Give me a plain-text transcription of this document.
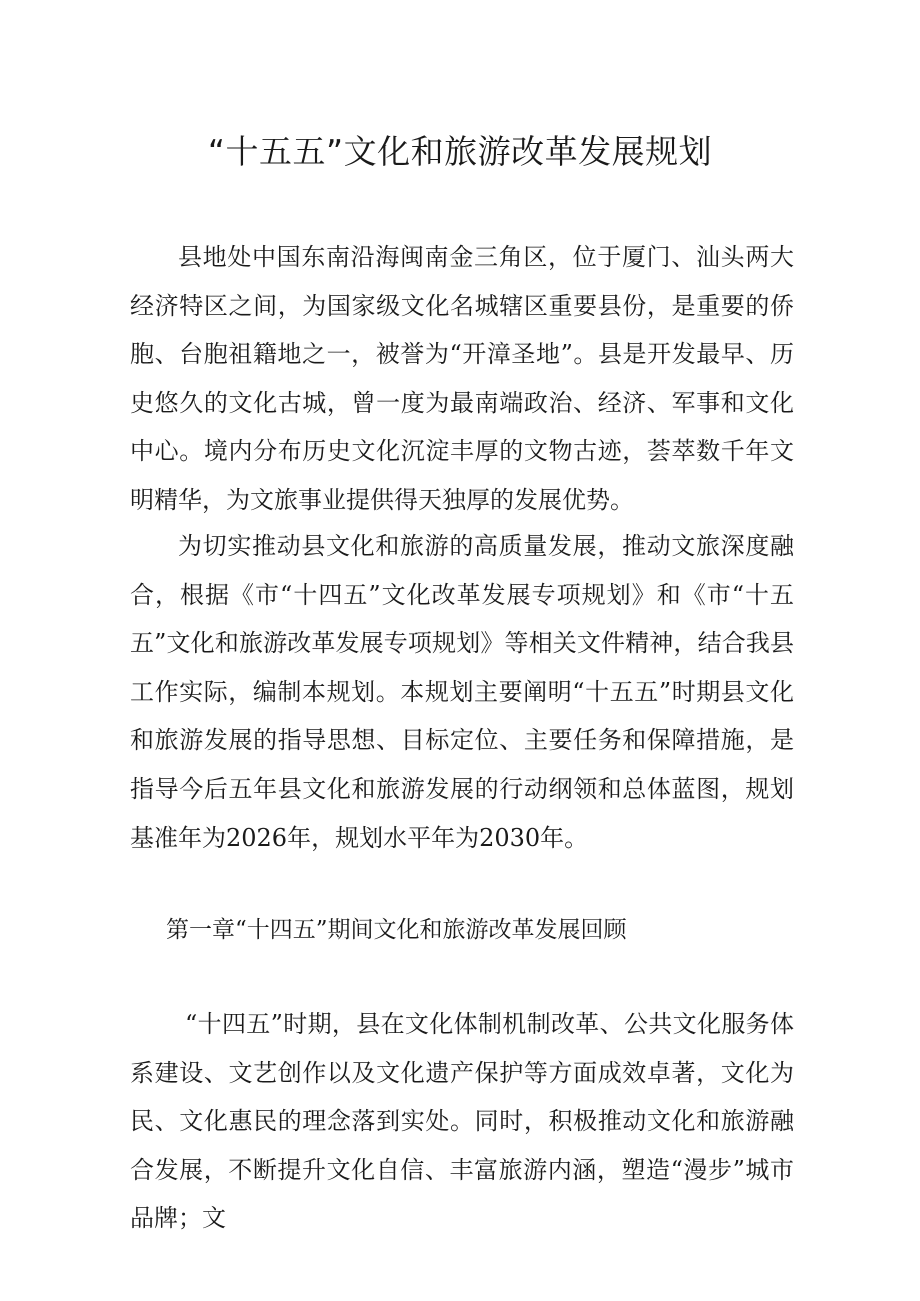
“十五五”文化和旅游改革发展规划

县地处中国东南沿海闽南金三角区，位于厦门、汕头两大经济特区之间，为国家级文化名城辖区重要县份，是重要的侨胞、台胞祖籍地之一，被誉为“开漳圣地”。县是开发最早、历史悠久的文化古城，曾一度为最南端政治、经济、军事和文化中心。境内分布历史文化沉淀丰厚的文物古迹，荟萃数千年文明精华，为文旅事业提供得天独厚的发展优势。

为切实推动县文化和旅游的高质量发展，推动文旅深度融合，根据《市“十四五”文化改革发展专项规划》和《市“十五五”文化和旅游改革发展专项规划》等相关文件精神，结合我县工作实际，编制本规划。本规划主要阐明“十五五”时期县文化和旅游发展的指导思想、目标定位、主要任务和保障措施，是指导今后五年县文化和旅游发展的行动纲领和总体蓝图，规划基准年为2026年，规划水平年为2030年。

第一章“十四五”期间文化和旅游改革发展回顾

“十四五”时期，县在文化体制机制改革、公共文化服务体系建设、文艺创作以及文化遗产保护等方面成效卓著，文化为民、文化惠民的理念落到实处。同时，积极推动文化和旅游融合发展，不断提升文化自信、丰富旅游内涵，塑造“漫步”城市品牌；文
